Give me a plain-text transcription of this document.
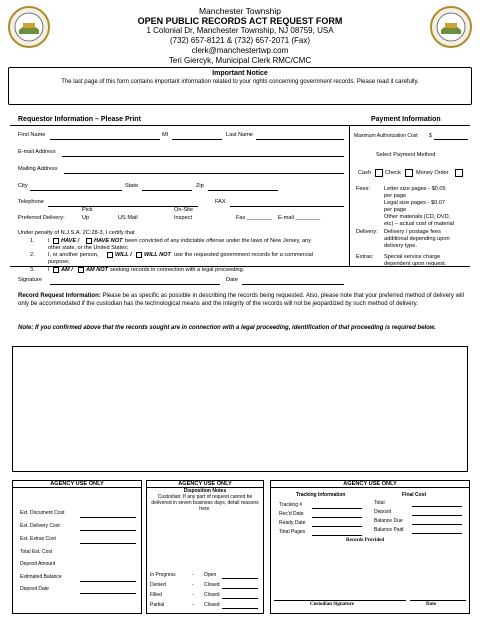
Manchester Township
OPEN PUBLIC RECORDS ACT REQUEST FORM
1 Colonial Dr, Manchester Township, NJ 08759, USA
(732) 657-8121 & (732) 657-2071 (Fax)
clerk@manchestertwp.com
Teri Giercyk, Municipal Clerk RMC/CMC
Important Notice
The last page of this form contains important information related to your rights concerning government records. Please read it carefully.
Requestor Information – Please Print	Payment Information
First Name	MI	Last Name
E-mail Address
Mailing Address
City	State	Zip
Telephone	FAX
Pick	On-Site
Preferred Delivery:	Up	US Mail	Inspect	Fax ________ E-mail ________
Under penalty of N.J.S.A. 2C:28-3, I certify that
1. I HAVE /	HAVE NOT been convicted of any indictable offense under the laws of New Jersey, any
other state, or the United States;
2. I, or another person,	WILL / WILL NOT use the requested government records for a commercial
purpose;
Maximum Authorization Cost $
Select Payment Method
Cash Check	Money Order
Fees:	Letter size pages - $0.05
per page
Legal size pages - $0.07
per page
Other materials (CD, DVD,
etc) – actual cost of material
Delivery: Delivery / postage fees
additional depending upon
delivery type.
Extras: Special service charge
dependent upon request.
3. I AM / AM NOT seeking records in connection with a legal proceeding.
Signature	Date
Record Request Information: Please be as specific as possible in describing the records being requested. Also, please note that your preferred method of delivery will only be accommodated if the custodian has the technological means and the integrity of the records will not be jeopardized by such method of delivery.
Note: If you confirmed above that the records sought are in connection with a legal proceeding, identification of that proceeding is required below.
AGENCY USE ONLY	AGENCY USE ONLY	AGENCY USE ONLY
Est. Document Cost
Est. Delivery Cost
Est. Extras Cost
Total Est. Cost
Deposit Amount
Estimated Balance
Deposit Date
Disposition Notes
Custodian: If any part of request cannot be delivered in seven business days, detail reasons here.
In Progress	- Open
Denied	- Closed
Filled	- Closed
Partial	- Closed
Tracking Information	Final Cost
Tracking #
Rec'd Date
Ready Date
Total Pages
Total
Deposit
Balance Due
Balance Paid
Records Provided
Custodian Signature	Date
